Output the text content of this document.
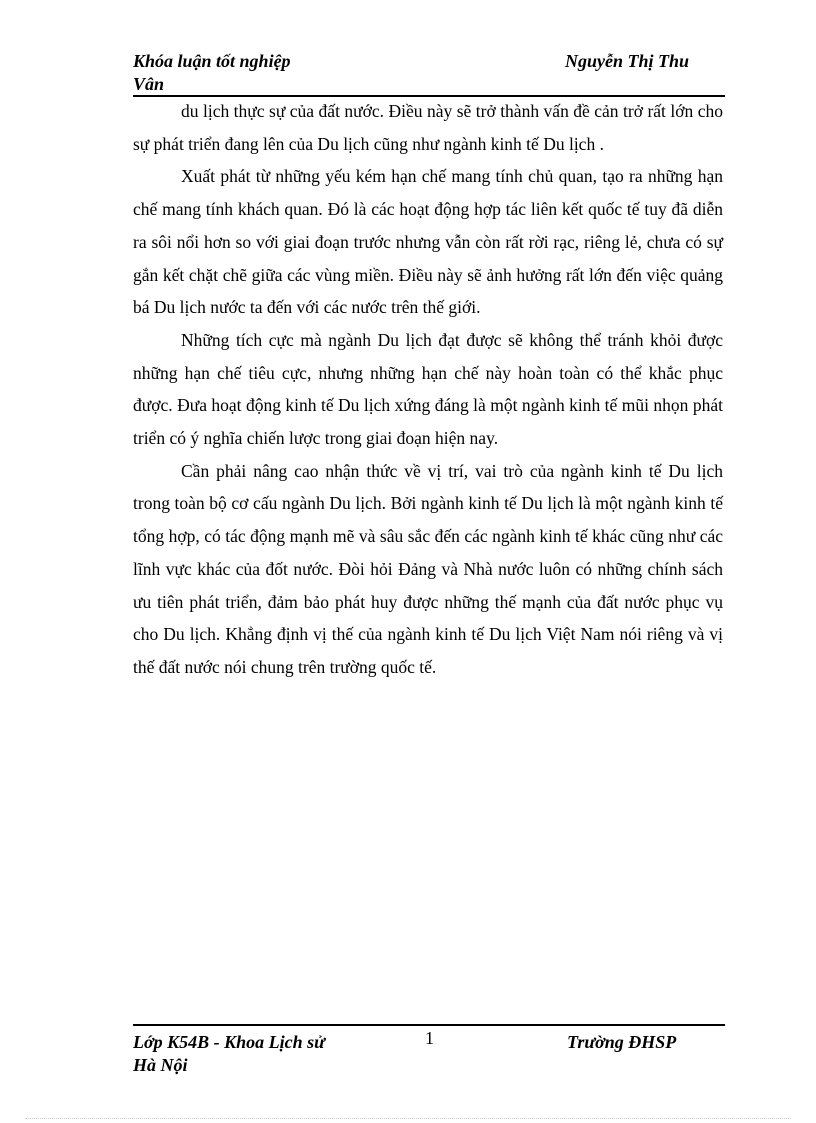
Khóa luận tốt nghiệp
Vân
Nguyễn Thị Thu

du lịch thực sự của đất nước. Điều này sẽ trở thành vấn đề cản trở rất lớn cho sự phát triển đang lên của Du lịch cũng như ngành kinh tế Du lịch .

Xuất phát từ những yếu kém hạn chế mang tính chủ quan, tạo ra những hạn chế mang tính khách quan. Đó là các hoạt động hợp tác liên kết quốc tế tuy đã diễn ra sôi nổi hơn so với giai đoạn trước nhưng vẫn còn rất rời rạc, riêng lẻ, chưa có sự gắn kết chặt chẽ giữa các vùng miền. Điều này sẽ ảnh hưởng rất lớn đến việc quảng bá Du lịch nước ta đến với các nước trên thế giới.

Những tích cực mà ngành Du lịch đạt được sẽ không thể tránh khỏi được những hạn chế tiêu cực, nhưng những hạn chế này hoàn toàn có thể khắc phục được. Đưa hoạt động kinh tế Du lịch xứng đáng là một ngành kinh tế mũi nhọn phát triển có ý nghĩa chiến lược trong giai đoạn hiện nay.

Cần phải nâng cao nhận thức về vị trí, vai trò của ngành kinh tế Du lịch trong toàn bộ cơ cấu ngành Du lịch. Bởi ngành kinh tế Du lịch là một ngành kinh tế tổng hợp, có tác động mạnh mẽ và sâu sắc đến các ngành kinh tế khác cũng như các lĩnh vực khác của đốt nước. Đòi hỏi Đảng và Nhà nước luôn có những chính sách ưu tiên phát triển, đảm bảo phát huy được những thế mạnh của đất nước phục vụ cho Du lịch. Khẳng định vị thế của ngành kinh tế Du lịch Việt Nam nói riêng và vị thế đất nước nói chung trên trường quốc tế.

Lớp K54B - Khoa Lịch sử
Hà Nội
1	Trường ĐHSP
